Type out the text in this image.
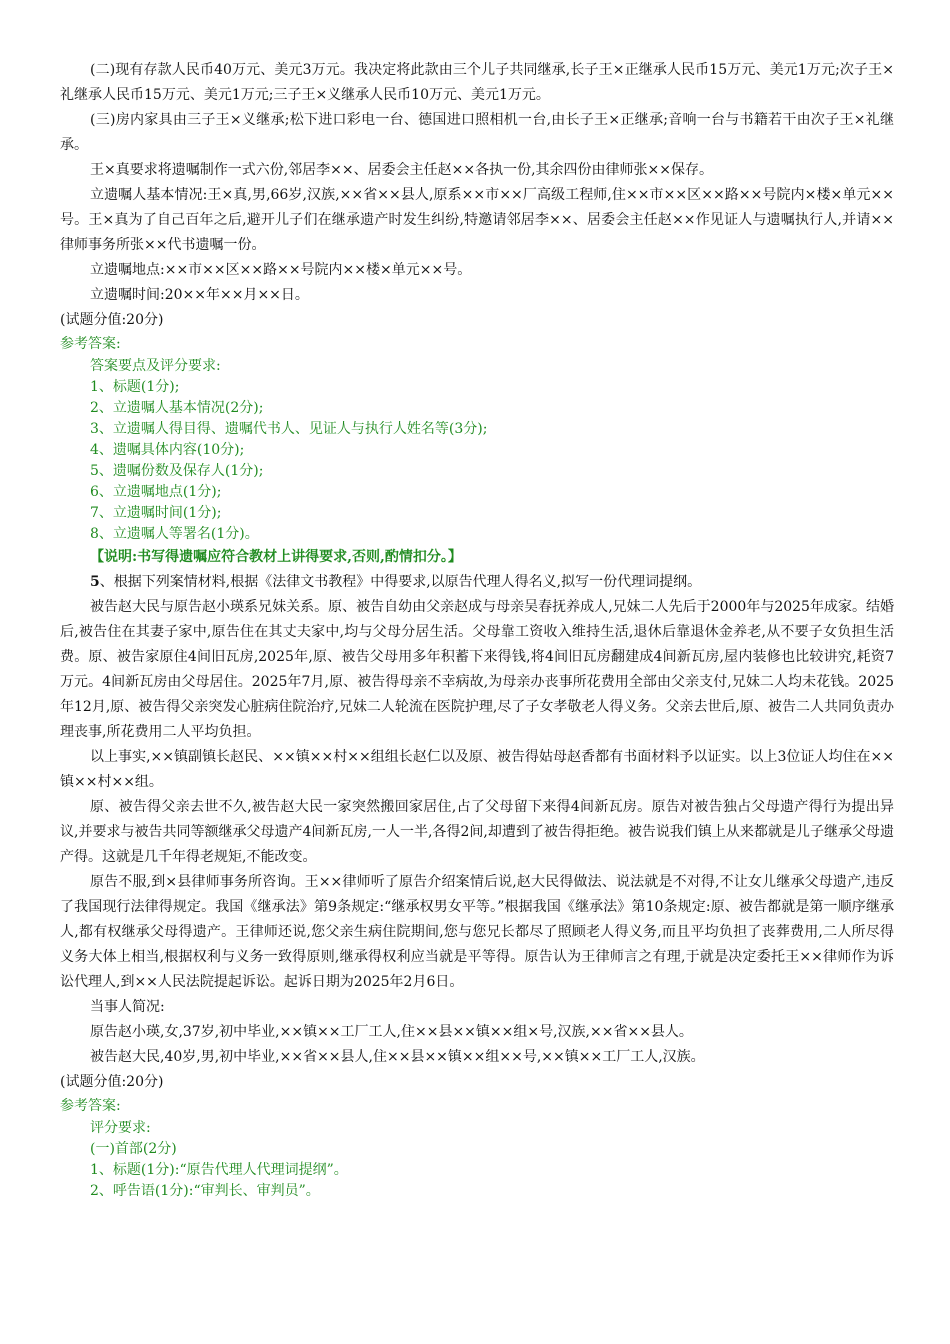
(二)现有存款人民币40万元、美元3万元。我决定将此款由三个儿子共同继承,长子王×正继承人民币15万元、美元1万元;次子王×礼继承人民币15万元、美元1万元;三子王×义继承人民币10万元、美元1万元。

(三)房内家具由三子王×义继承;松下进口彩电一台、德国进口照相机一台,由长子王×正继承;音响一台与书籍若干由次子王×礼继承。

王×真要求将遗嘱制作一式六份,邻居李××、居委会主任赵××各执一份,其余四份由律师张××保存。

立遗嘱人基本情况:王×真,男,66岁,汉族,××省××县人,原系××市××厂高级工程师,住××市××区××路××号院内×楼×单元××号。王×真为了自己百年之后,避开儿子们在继承遗产时发生纠纷,特邀请邻居李××、居委会主任赵××作见证人与遗嘱执行人,并请××律师事务所张××代书遗嘱一份。

立遗嘱地点:××市××区××路××号院内××楼×单元××号。

立遗嘱时间:20××年××月××日。

(试题分值:20分)

参考答案:

答案要点及评分要求:

1、标题(1分);

2、立遗嘱人基本情况(2分);

3、立遗嘱人得目得、遗嘱代书人、见证人与执行人姓名等(3分);

4、遗嘱具体内容(10分);

5、遗嘱份数及保存人(1分);

6、立遗嘱地点(1分);

7、立遗嘱时间(1分);

8、立遗嘱人等署名(1分)。

【说明:书写得遗嘱应符合教材上讲得要求,否则,酌情扣分。】

5、根据下列案情材料,根据《法律文书教程》中得要求,以原告代理人得名义,拟写一份代理词提纲。

被告赵大民与原告赵小瑛系兄妹关系。原、被告自幼由父亲赵成与母亲吴春抚养成人,兄妹二人先后于2000年与2025年成家。结婚后,被告住在其妻子家中,原告住在其丈夫家中,均与父母分居生活。父母靠工资收入维持生活,退休后靠退休金养老,从不要子女负担生活费。原、被告家原住4间旧瓦房,2025年,原、被告父母用多年积蓄下来得钱,将4间旧瓦房翻建成4间新瓦房,屋内装修也比较讲究,耗资7万元。4间新瓦房由父母居住。2025年7月,原、被告得母亲不幸病故,为母亲办丧事所花费用全部由父亲支付,兄妹二人均未花钱。2025年12月,原、被告得父亲突发心脏病住院治疗,兄妹二人轮流在医院护理,尽了子女孝敬老人得义务。父亲去世后,原、被告二人共同负责办理丧事,所花费用二人平均负担。

以上事实,××镇副镇长赵民、××镇××村××组组长赵仁以及原、被告得姑母赵香都有书面材料予以证实。以上3位证人均住在××镇××村××组。

原、被告得父亲去世不久,被告赵大民一家突然搬回家居住,占了父母留下来得4间新瓦房。原告对被告独占父母遗产得行为提出异议,并要求与被告共同等额继承父母遗产4间新瓦房,一人一半,各得2间,却遭到了被告得拒绝。被告说我们镇上从来都就是儿子继承父母遗产得。这就是几千年得老规矩,不能改变。

原告不服,到×县律师事务所咨询。王××律师听了原告介绍案情后说,赵大民得做法、说法就是不对得,不让女儿继承父母遗产,违反了我国现行法律得规定。我国《继承法》第9条规定:“继承权男女平等。”根据我国《继承法》第10条规定:原、被告都就是第一顺序继承人,都有权继承父母得遗产。王律师还说,您父亲生病住院期间,您与您兄长都尽了照顾老人得义务,而且平均负担了丧葬费用,二人所尽得义务大体上相当,根据权利与义务一致得原则,继承得权利应当就是平等得。原告认为王律师言之有理,于就是决定委托王××律师作为诉讼代理人,到××人民法院提起诉讼。起诉日期为2025年2月6日。

当事人简况:

原告赵小瑛,女,37岁,初中毕业,××镇××工厂工人,住××县××镇××组×号,汉族,××省××县人。

被告赵大民,40岁,男,初中毕业,××省××县人,住××县××镇××组××号,××镇××工厂工人,汉族。

(试题分值:20分)

参考答案:

评分要求:

(一)首部(2分)

1、标题(1分):“原告代理人代理词提纲”。

2、呼告语(1分):“审判长、审判员”。
